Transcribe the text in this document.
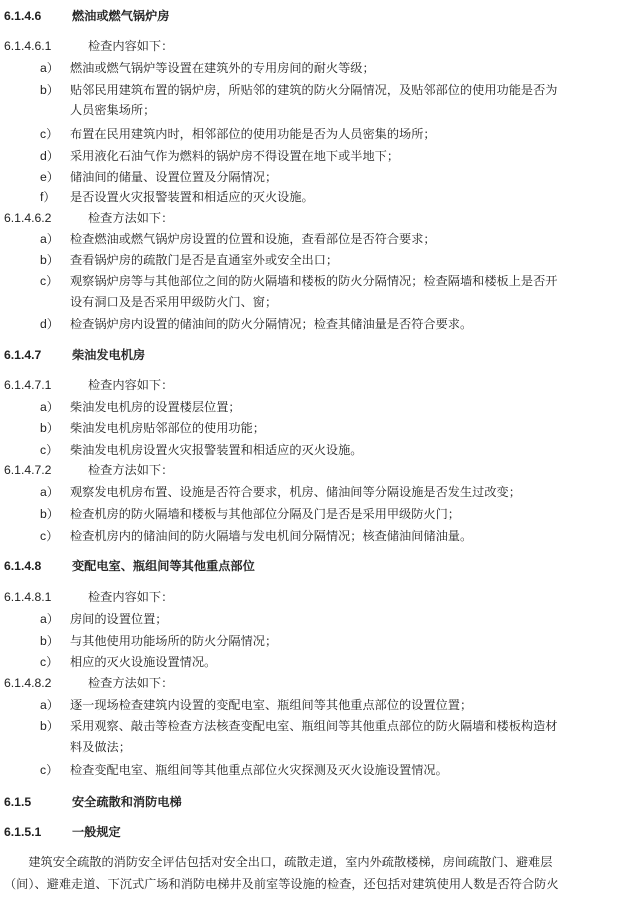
6.1.4.6	燃油或燃气锅炉房
6.1.4.6.1	检查内容如下：
a） 燃油或燃气锅炉等设置在建筑外的专用房间的耐火等级；
b） 贴邻民用建筑布置的锅炉房，所贴邻的建筑的防火分隔情况，及贴邻部位的使用功能是否为
人员密集场所；
c） 布置在民用建筑内时，相邻部位的使用功能是否为人员密集的场所；
d） 采用液化石油气作为燃料的锅炉房不得设置在地下或半地下；
e） 储油间的储量、设置位置及分隔情况；
f） 是否设置火灾报警装置和相适应的灭火设施。
6.1.4.6.2	检查方法如下：
a） 检查燃油或燃气锅炉房设置的位置和设施，查看部位是否符合要求；
b） 查看锅炉房的疏散门是否是直通室外或安全出口；
c） 观察锅炉房等与其他部位之间的防火隔墙和楼板的防火分隔情况；检查隔墙和楼板上是否开
设有洞口及是否采用甲级防火门、窗；
d） 检查锅炉房内设置的储油间的防火分隔情况；检查其储油量是否符合要求。
6.1.4.7	柴油发电机房
6.1.4.7.1	检查内容如下：
a） 柴油发电机房的设置楼层位置；
b） 柴油发电机房贴邻部位的使用功能；
c） 柴油发电机房设置火灾报警装置和相适应的灭火设施。
6.1.4.7.2	检查方法如下：
a） 观察发电机房布置、设施是否符合要求，机房、储油间等分隔设施是否发生过改变；
b） 检查机房的防火隔墙和楼板与其他部位分隔及门是否是采用甲级防火门；
c） 检查机房内的储油间的防火隔墙与发电机间分隔情况；核查储油间储油量。
6.1.4.8	变配电室、瓶组间等其他重点部位
6.1.4.8.1	检查内容如下：
a） 房间的设置位置；
b） 与其他使用功能场所的防火分隔情况；
c） 相应的灭火设施设置情况。
6.1.4.8.2	检查方法如下：
a） 逐一现场检查建筑内设置的变配电室、瓶组间等其他重点部位的设置位置；
b） 采用观察、敲击等检查方法核查变配电室、瓶组间等其他重点部位的防火隔墙和楼板构造材
料及做法；
c） 检查变配电室、瓶组间等其他重点部位火灾探测及灭火设施设置情况。
6.1.5	安全疏散和消防电梯
6.1.5.1	一般规定
　　建筑安全疏散的消防安全评估包括对安全出口，疏散走道，室内外疏散楼梯，房间疏散门、避难层
（间）、避难走道、下沉式广场和消防电梯井及前室等设施的检查，还包括对建筑使用人数是否符合防火
